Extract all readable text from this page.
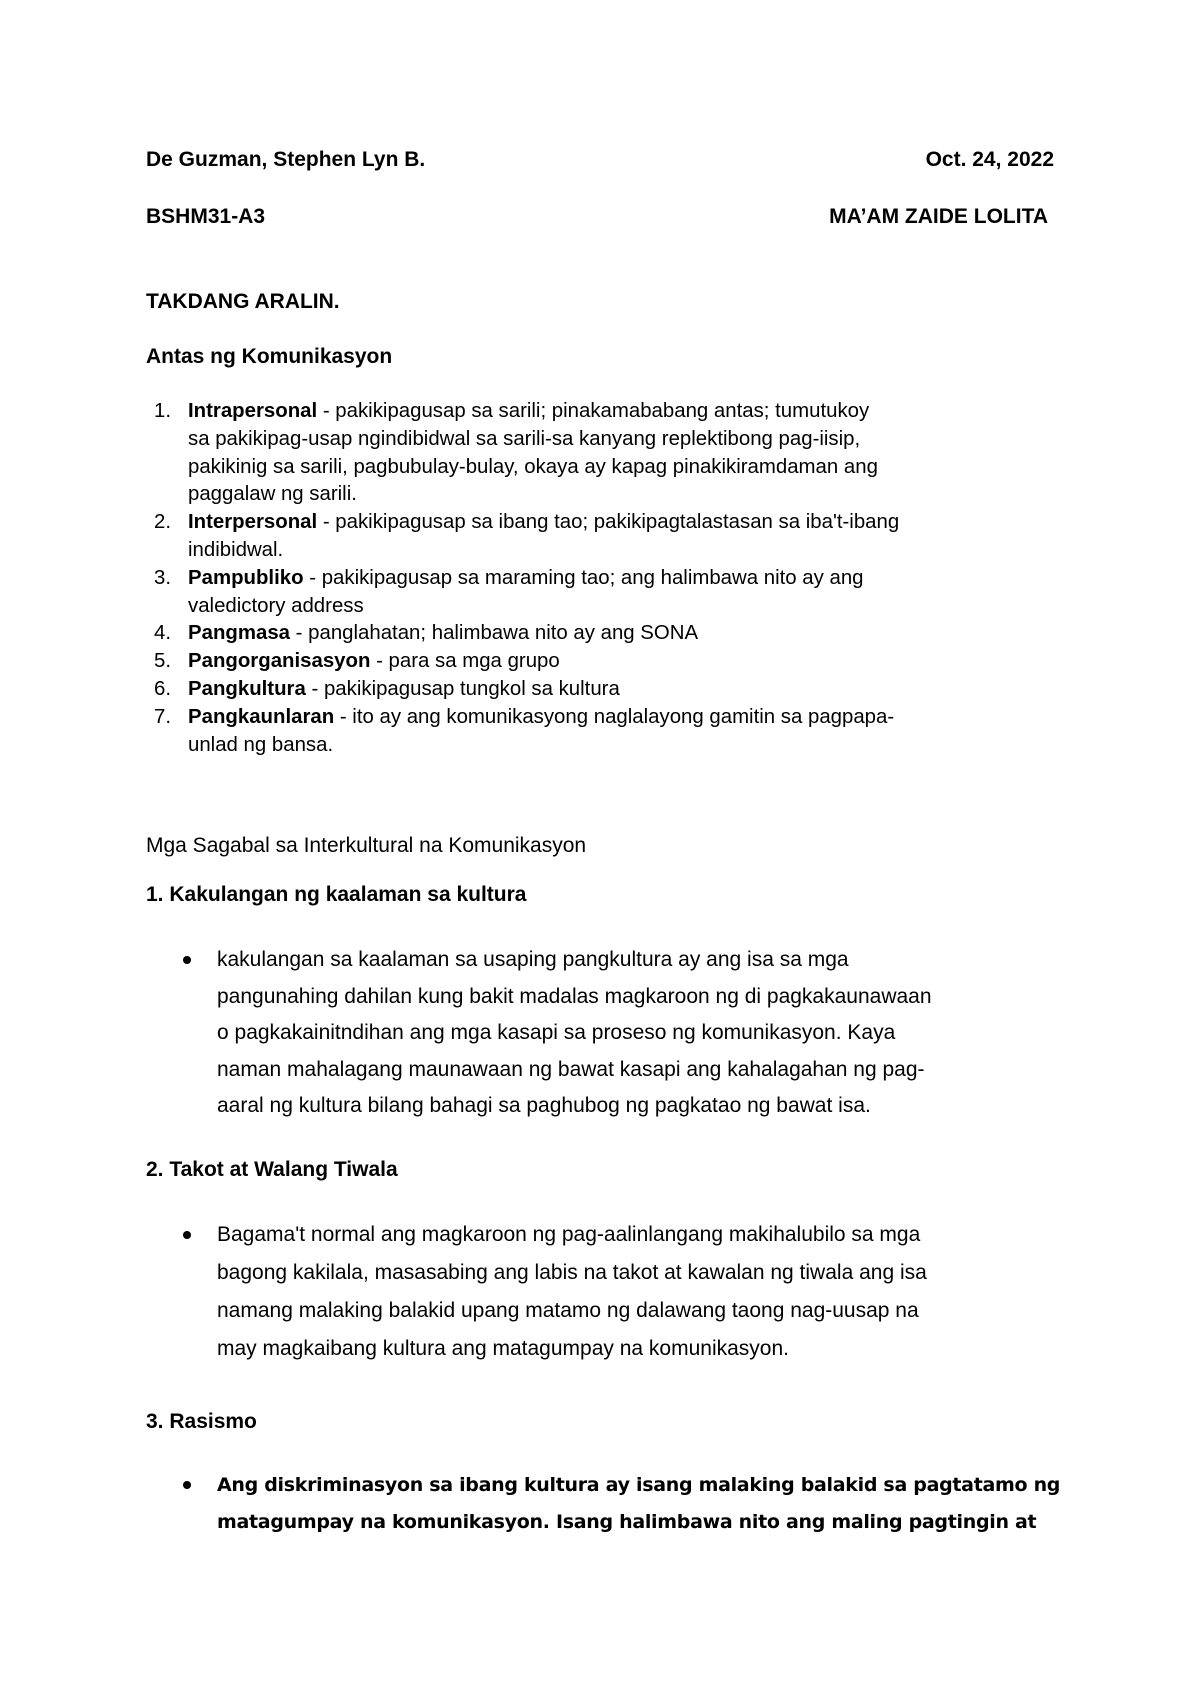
De Guzman, Stephen Lyn B.	Oct. 24, 2022
BSHM31-A3	MA’AM ZAIDE LOLITA
TAKDANG ARALIN.
Antas ng Komunikasyon
1. Intrapersonal - pakikipagusap sa sarili; pinakamababang antas; tumutukoy
sa pakikipag-usap ngindibidwal sa sarili-sa kanyang replektibong pag-iisip,
pakikinig sa sarili, pagbubulay-bulay, okaya ay kapag pinakikiramdaman ang
paggalaw ng sarili.
2. Interpersonal - pakikipagusap sa ibang tao; pakikipagtalastasan sa iba't-ibang
indibidwal.
3. Pampubliko - pakikipagusap sa maraming tao; ang halimbawa nito ay ang
valedictory address
4. Pangmasa - panglahatan; halimbawa nito ay ang SONA
5. Pangorganisasyon - para sa mga grupo
6. Pangkultura - pakikipagusap tungkol sa kultura
7. Pangkaunlaran - ito ay ang komunikasyong naglalayong gamitin sa pagpapa-
unlad ng bansa.
Mga Sagabal sa Interkultural na Komunikasyon
1. Kakulangan ng kaalaman sa kultura
kakulangan sa kaalaman sa usaping pangkultura ay ang isa sa mga
pangunahing dahilan kung bakit madalas magkaroon ng di pagkakaunawaan
o pagkakainitndihan ang mga kasapi sa proseso ng komunikasyon. Kaya
naman mahalagang maunawaan ng bawat kasapi ang kahalagahan ng pag-
aaral ng kultura bilang bahagi sa paghubog ng pagkatao ng bawat isa.
2. Takot at Walang Tiwala
Bagama't normal ang magkaroon ng pag-aalinlangang makihalubilo sa mga
bagong kakilala, masasabing ang labis na takot at kawalan ng tiwala ang isa
namang malaking balakid upang matamo ng dalawang taong nag-uusap na
may magkaibang kultura ang matagumpay na komunikasyon.
3. Rasismo
Ang diskriminasyon sa ibang kultura ay isang malaking balakid sa pagtatamo ng
matagumpay na komunikasyon. Isang halimbawa nito ang maling pagtingin at
